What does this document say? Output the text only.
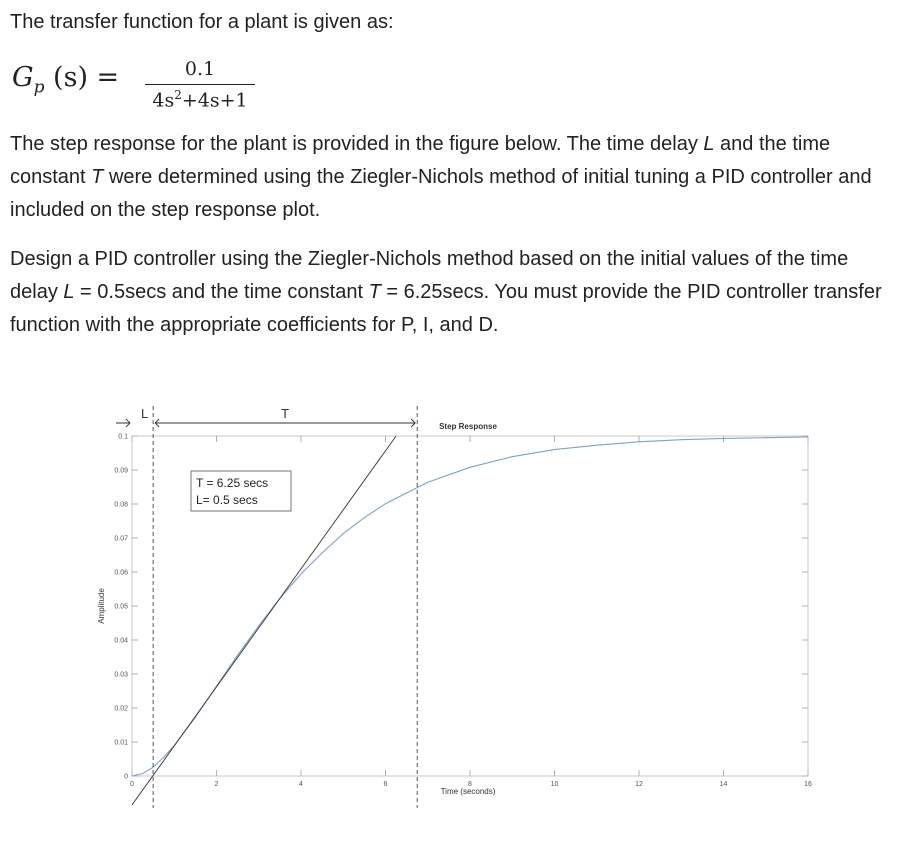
The transfer function for a plant is given as:

$G_p$ (s) =	0.1
$4s^2+4s+1$

The step response for the plant is provided in the figure below. The time delay L and the time constant T were determined using the Ziegler-Nichols method of initial tuning a PID controller and included on the step response plot.

Design a PID controller using the Ziegler-Nichols method based on the initial values of the time delay L = 0.5secs and the time constant T = 6.25secs. You must provide the PID controller transfer function with the appropriate coefficients for P, I, and D.

0
0.01
0.02
0.03
0.04
0.05
0.06
0.07
0.08
0.09
0.1
0	2	4	6	8	10	12	14	16
Step Response
Time (seconds)
Amplitude
L	T
T = 6.25 secs
L= 0.5 secs
